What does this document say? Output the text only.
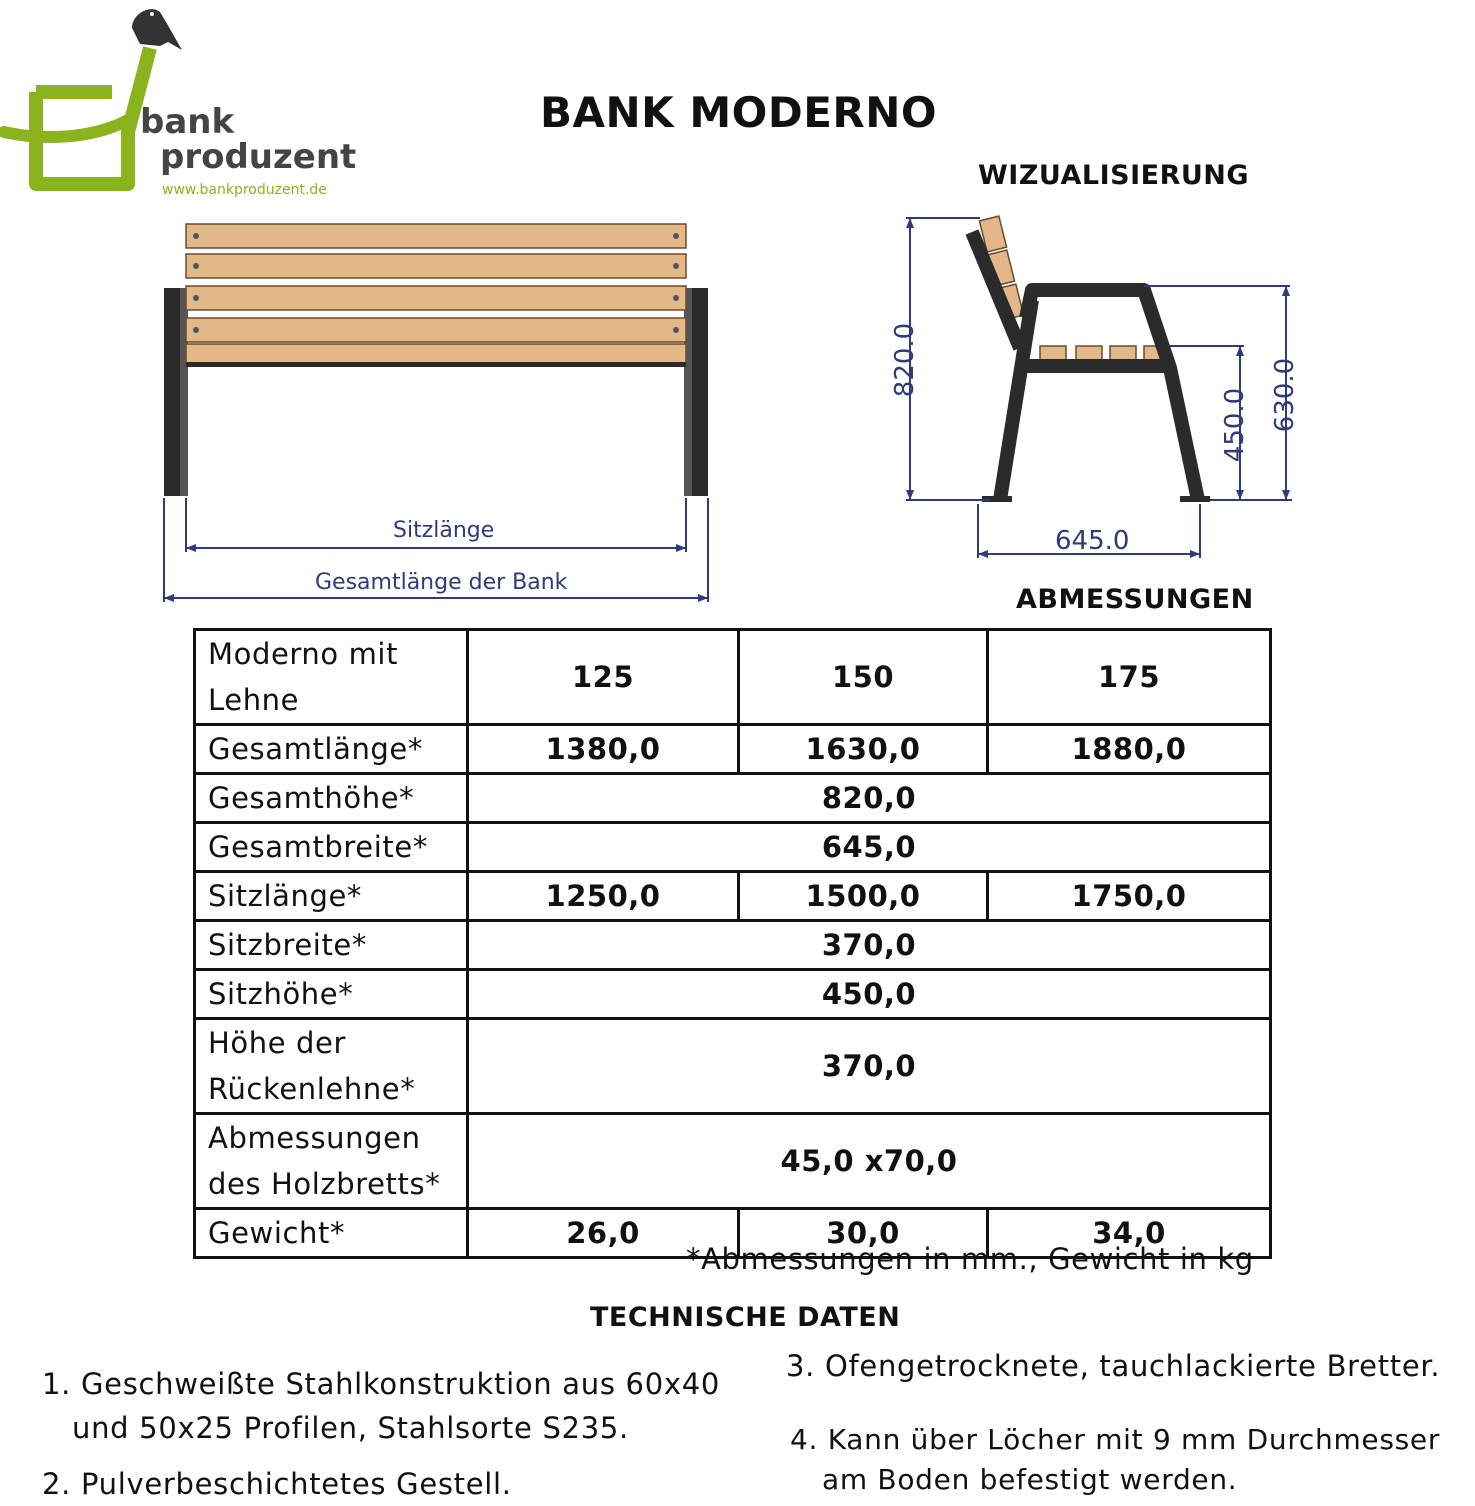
bank
produzent
www.bankproduzent.de
BANK MODERNO
WIZUALISIERUNG
Sitzlänge
Gesamtlänge der Bank
820.0
450.0 630.0
645.0
ABMESSUNGEN
Moderno mit Lehne	125	150	175
Gesamtlänge*	1380,0	1630,0	1880,0
Gesamthöhe*	820,0		
Gesamtbreite*	645,0		
Sitzlänge*	1250,0	1500,0	1750,0
Sitzbreite*	370,0		
Sitzhöhe*	450,0		
Höhe der Rückenlehne*	370,0		
Abmessungen des Holzbretts*	45,0 x70,0		
Gewicht*	26,0	30,0	34,0
*Abmessungen in mm., Gewicht in kg
TECHNISCHE DATEN
1. Geschweißte Stahlkonstruktion aus 60x40
und 50x25 Profilen, Stahlsorte S235.
2. Pulverbeschichtetes Gestell.
3. Ofengetrocknete, tauchlackierte Bretter.
4. Kann über Löcher mit 9 mm Durchmesser
am Boden befestigt werden.
